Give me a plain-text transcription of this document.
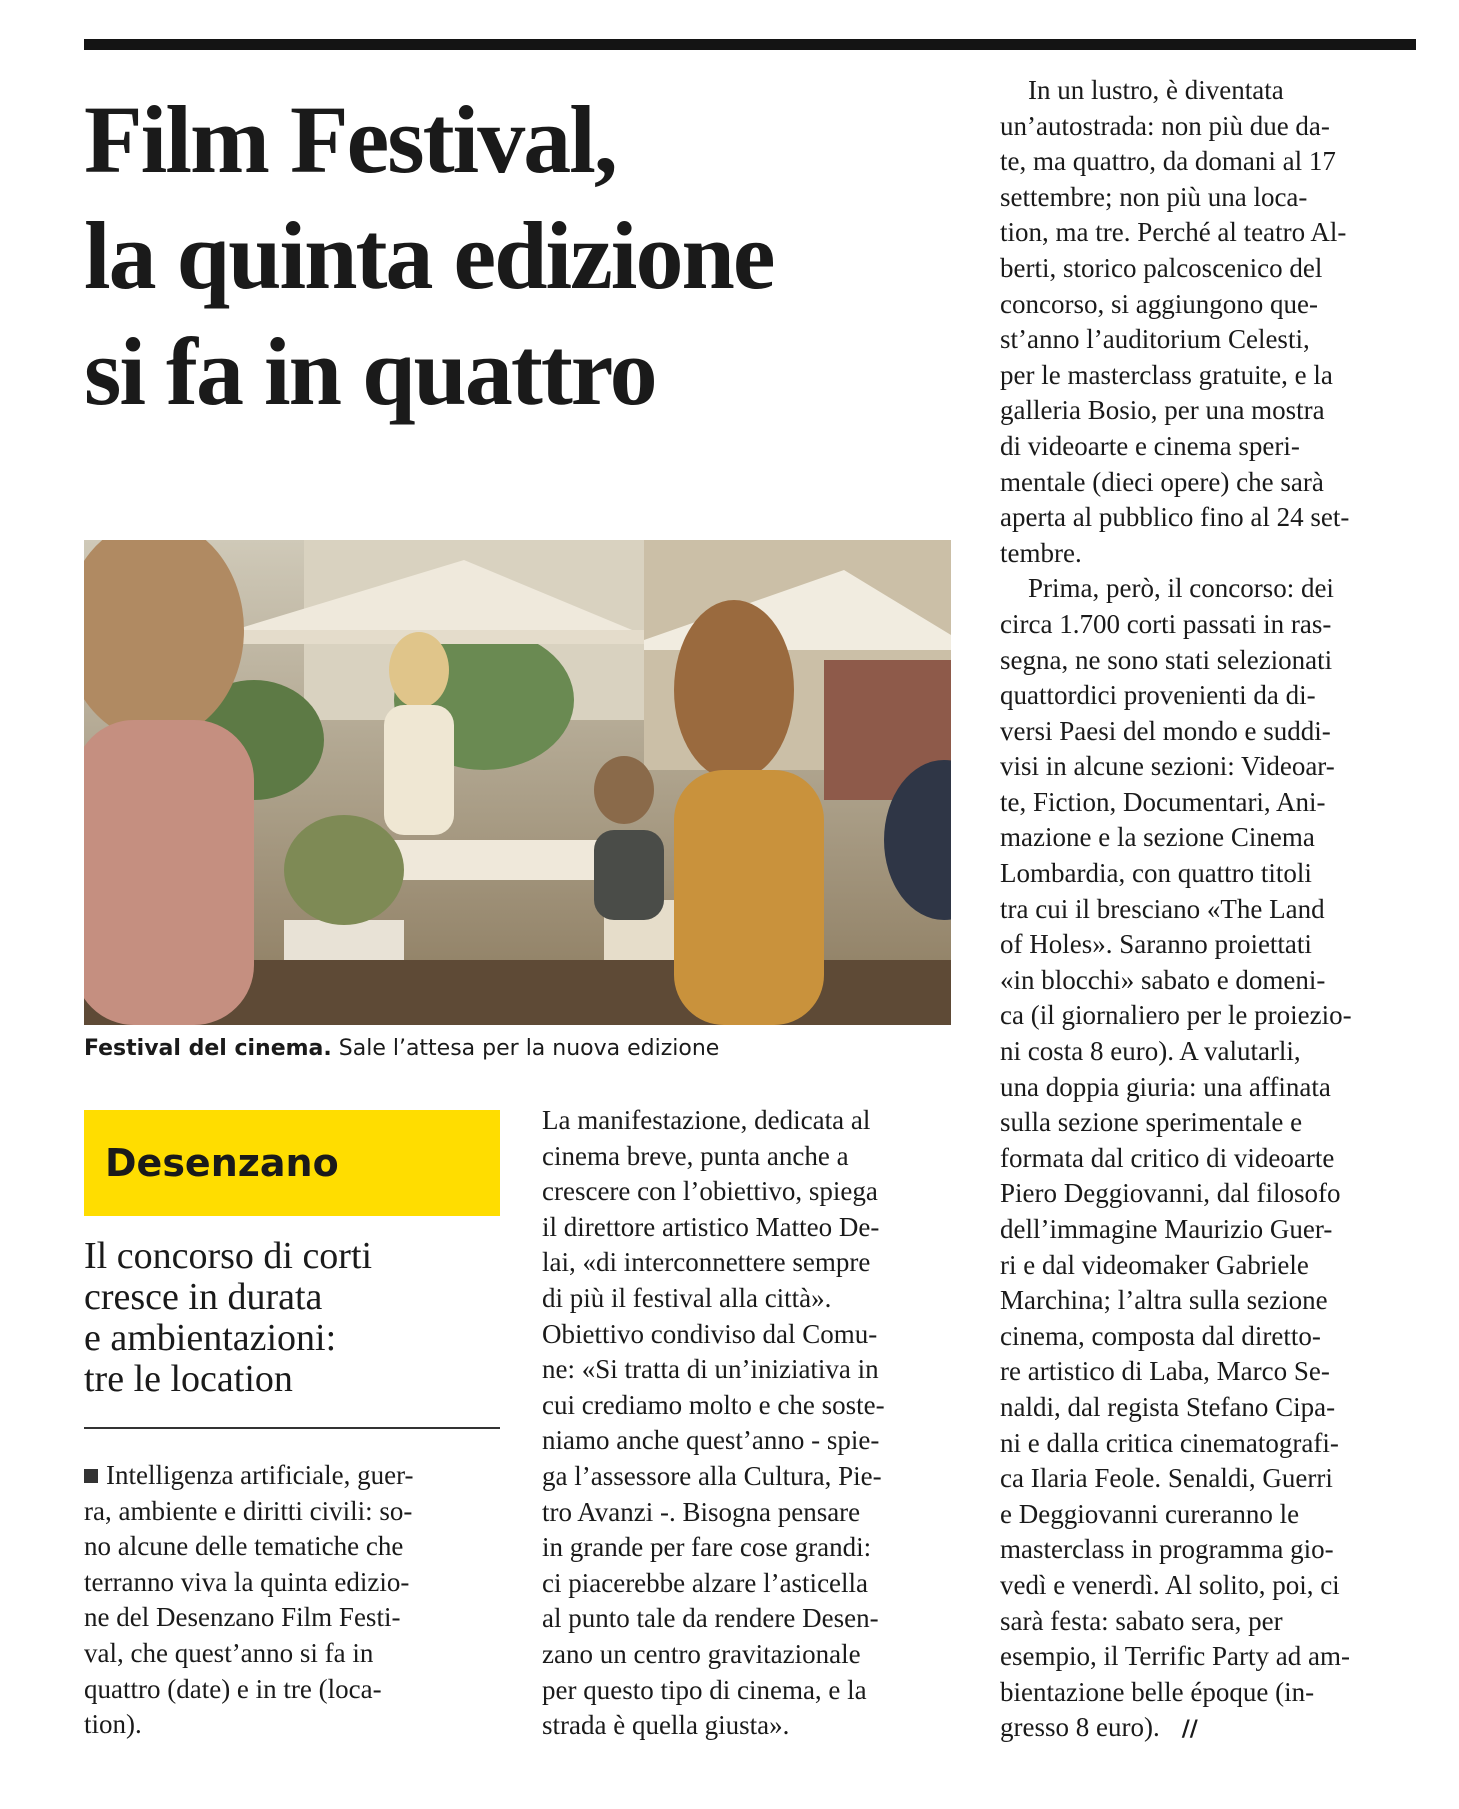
Film Festival,
la quinta edizione
si fa in quattro
Festival del cinema. Sale l’attesa per la nuova edizione
Desenzano
Il concorso di corti
cresce in durata
e ambientazioni:
tre le location
Intelligenza artificiale, guer-
ra, ambiente e diritti civili: so-
no alcune delle tematiche che
terranno viva la quinta edizio-
ne del Desenzano Film Festi-
val, che quest’anno si fa in
quattro (date) e in tre (loca-
tion).
La manifestazione, dedicata al
cinema breve, punta anche a
crescere con l’obiettivo, spiega
il direttore artistico Matteo De-
lai, «di interconnettere sempre
di più il festival alla città».
Obiettivo condiviso dal Comu-
ne: «Si tratta di un’iniziativa in
cui crediamo molto e che soste-
niamo anche quest’anno - spie-
ga l’assessore alla Cultura, Pie-
tro Avanzi -. Bisogna pensare
in grande per fare cose grandi:
ci piacerebbe alzare l’asticella
al punto tale da rendere Desen-
zano un centro gravitazionale
per questo tipo di cinema, e la
strada è quella giusta».
In un lustro, è diventata
un’autostrada: non più due da-
te, ma quattro, da domani al 17
settembre; non più una loca-
tion, ma tre. Perché al teatro Al-
berti, storico palcoscenico del
concorso, si aggiungono que-
st’anno l’auditorium Celesti,
per le masterclass gratuite, e la
galleria Bosio, per una mostra
di videoarte e cinema speri-
mentale (dieci opere) che sarà
aperta al pubblico fino al 24 set-
tembre.
Prima, però, il concorso: dei
circa 1.700 corti passati in ras-
segna, ne sono stati selezionati
quattordici provenienti da di-
versi Paesi del mondo e suddi-
visi in alcune sezioni: Videoar-
te, Fiction, Documentari, Ani-
mazione e la sezione Cinema
Lombardia, con quattro titoli
tra cui il bresciano «The Land
of Holes». Saranno proiettati
«in blocchi» sabato e domeni-
ca (il giornaliero per le proiezio-
ni costa 8 euro). A valutarli,
una doppia giuria: una affinata
sulla sezione sperimentale e
formata dal critico di videoarte
Piero Deggiovanni, dal filosofo
dell’immagine Maurizio Guer-
ri e dal videomaker Gabriele
Marchina; l’altra sulla sezione
cinema, composta dal diretto-
re artistico di Laba, Marco Se-
naldi, dal regista Stefano Cipa-
ni e dalla critica cinematografi-
ca Ilaria Feole. Senaldi, Guerri
e Deggiovanni cureranno le
masterclass in programma gio-
vedì e venerdì. Al solito, poi, ci
sarà festa: sabato sera, per
esempio, il Terrific Party ad am-
bientazione belle époque (in-
gresso 8 euro). //
